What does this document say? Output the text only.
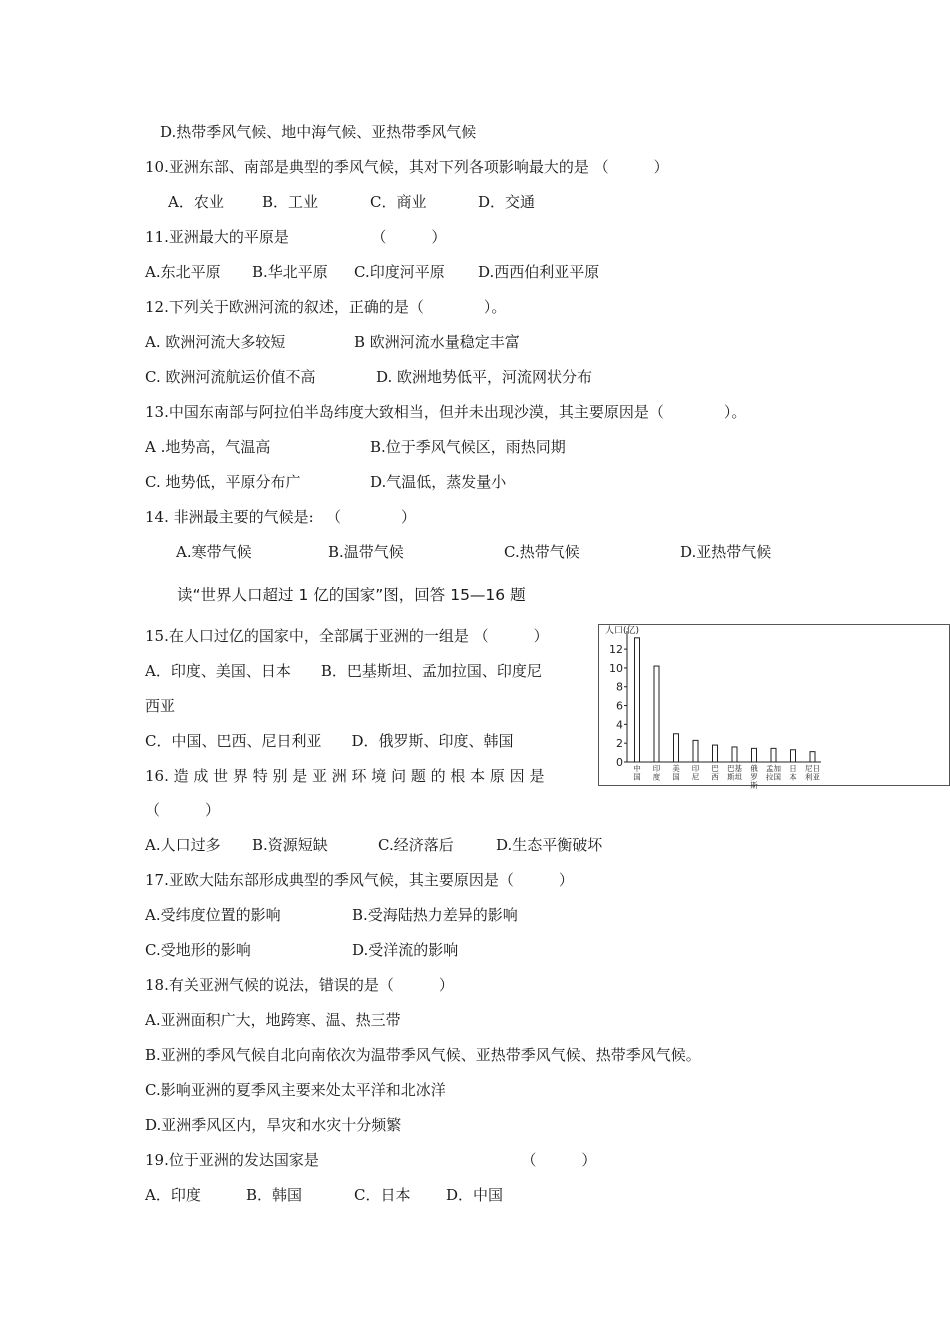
D.热带季风气候、地中海气候、亚热带季风气候
10.亚洲东部、南部是典型的季风气候，其对下列各项影响最大的是 （　　　）
A．农业	B．工业	C．商业	D．交通
11.亚洲最大的平原是　　　　　　（　　　）
A.东北平原 B.华北平原 C.印度河平原 D.西西伯利亚平原
12.下列关于欧洲河流的叙述，正确的是（　　　　）。
A. 欧洲河流大多较短	B 欧洲河流水量稳定丰富
C. 欧洲河流航运价值不高	D. 欧洲地势低平，河流网状分布
13.中国东南部与阿拉伯半岛纬度大致相当，但并未出现沙漠，其主要原因是（　　　　）。
A .地势高，气温高	B.位于季风气候区，雨热同期
C. 地势低，平原分布广	D.气温低，蒸发量小
14. 非洲最主要的气候是: 　（　　　　）
A.寒带气候	B.温带气候	C.热带气候	D.亚热带气候
读“世界人口超过 1 亿的国家”图，回答 15—16 题
15.在人口过亿的国家中，全部属于亚洲的一组是 （　　　）
A．印度、美国、日本　　B．巴基斯坦、孟加拉国、印度尼
西亚
C．中国、巴西、尼日利亚　　D．俄罗斯、印度、韩国
16. 造 成 世 界 特 别 是 亚 洲 环 境 问 题 的 根 本 原 因 是
（　　　）
A.人口过多 B.资源短缺	C.经济落后	D.生态平衡破坏
17.亚欧大陆东部形成典型的季风气候，其主要原因是（　　　）
A.受纬度位置的影响	B.受海陆热力差异的影响
C.受地形的影响	D.受洋流的影响
18.有关亚洲气候的说法，错误的是（　　　）
A.亚洲面积广大，地跨寒、温、热三带
B.亚洲的季风气候自北向南依次为温带季风气候、亚热带季风气候、热带季风气候。
C.影响亚洲的夏季风主要来处太平洋和北冰洋
D.亚洲季风区内，旱灾和水灾十分频繁
19.位于亚洲的发达国家是　　　　　　　　　　　　　　（　　　）
A．印度	B．韩国	C．日本 D．中国
人口(亿)
0
2
4
6
8
10
12
中
国
印
度
美
国
印
尼
巴
西
巴基
斯坦
俄
罗
斯
孟加
拉国
日
本
尼日
利亚
